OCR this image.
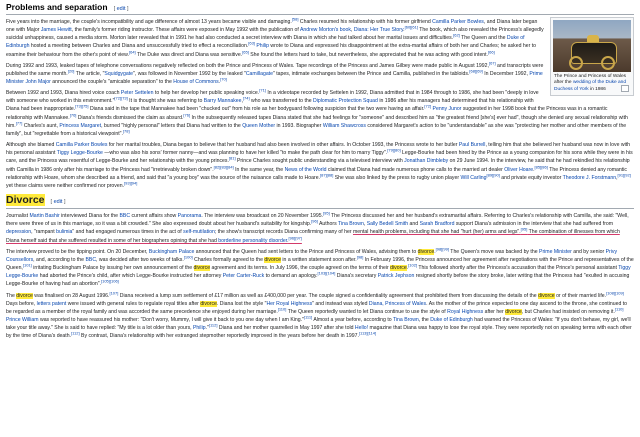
Problems and separation [ edit ]
The Prince and Princess of Wales after the wedding of the Duke and Duchess of York in 1986

Five years into the marriage, the couple's incompatibility and age difference of almost 13 years became visible and damaging.[58] Charles resumed his relationship with his former girlfriend Camilla Parker Bowles, and Diana later began one with Major James Hewitt, the family's former riding instructor. These affairs were exposed in May 1992 with the publication of Andrew Morton's book, Diana: Her True Story.[60][61] The book, which also revealed the Princess's allegedly suicidal unhappiness, caused a media storm. Morton later revealed that in 1991 he had also conducted a secret interview with Diana in which she had talked about her marital issues and difficulties.[62] The Queen and the Duke of Edinburgh hosted a meeting between Charles and Diana and unsuccessfully tried to effect a reconciliation.[63] Philip wrote to Diana and expressed his disappointment at the extra-marital affairs of both her and Charles; he asked her to examine their behaviour from the other's point of view.[64] The Duke was direct and Diana was sensitive.[65] She found the letters hard to take, but nevertheless, she appreciated that he was acting with good intent.[66]

During 1992 and 1993, leaked tapes of telephone conversations negatively reflected on both the Prince and Princess of Wales. Tape recordings of the Princess and James Gilbey were made public in August 1992,[67] and transcripts were published the same month.[20] The article, "Squidgygate", was followed in November 1992 by the leaked "Camillagate" tapes, intimate exchanges between the Prince and Camilla, published in the tabloids.[68][69] In December 1992, Prime Minister John Major announced the couple's "amicable separation" to the House of Commons.[70]

Between 1992 and 1993, Diana hired voice coach Peter Settelen to help her develop her public speaking voice.[71] In a videotape recorded by Settelen in 1992, Diana admitted that in 1984 through to 1986, she had been "deeply in love with someone who worked in this environment."[72][73] It is thought she was referring to Barry Mannakee,[74] who was transferred to the Diplomatic Protection Squad in 1986 after his managers had determined that his relationship with Diana had been inappropriate.[73][75] Diana said in the tape that Mannakee had been "chucked out" from his role as her bodyguard following suspicion that the two were having an affair.[72] Penny Junor suggested in her 1998 book that the Princess was in a romantic relationship with Mannakee.[76] Diana's friends dismissed the claim as absurd.[76] In the subsequently released tapes Diana stated that she had feelings for "someone" and described him as "the greatest friend [she's] ever had", though she denied any sexual relationship with him.[77] Charles's aunt, Princess Margaret, burned "highly personal" letters that Diana had written to the Queen Mother in 1993. Biographer William Shawcross considered Margaret's action to be "understandable" as she was "protecting her mother and other members of the family", but "regrettable from a historical viewpoint".[78]

Although she blamed Camilla Parker Bowles for her marital troubles, Diana began to believe that her husband had also been involved in other affairs. In October 1993, the Princess wrote to her butler Paul Burrell, telling him that she believed her husband was now in love with his personal assistant Tiggy Legge-Bourke —who was also his sons' former nanny—and was planning to have her killed "to make the path clear for him to marry Tiggy".[79][80] Legge-Bourke had been hired by the Prince as a young companion for his sons while they were in his care, and the Princess was resentful of Legge-Bourke and her relationship with the young princes.[81] Prince Charles sought public understanding via a televised interview with Jonathan Dimbleby on 29 June 1994. In the interview, he said that he had rekindled his relationship with Camilla in 1986 only after his marriage to the Princess had "irretrievably broken down".[82][83][84] In the same year, the News of the World claimed that Diana had made numerous phone calls to the married art dealer Oliver Hoare.[85][86] The Princess denied any romantic relationship with Hoare, whom she described as a friend, and said that "a young boy" was the source of the nuisance calls made to Hoare.[87][88] She was also linked by the press to rugby union player Will Carling[89][90] and private equity investor Theodore J. Forstmann,[91][92] yet these claims were neither confirmed nor proven.[93][94]

Divorce [ edit ]

Journalist Martin Bashir interviewed Diana for the BBC current affairs show Panorama. The interview was broadcast on 20 November 1995.[95] The Princess discussed her and her husband's extramarital affairs. Referring to Charles's relationship with Camilla, she said: "Well, there were three of us in this marriage, so it was a bit crowded." She also expressed doubt about her husband's suitability for kingship.[96] Authors Tina Brown, Sally Bedell Smith and Sarah Bradford support Diana's admission in the interview that she had suffered from depression, "rampant bulimia" and had engaged numerous times in the act of self-mutilation; the show's transcript records Diana confirming many of her mental health problems, including that she had "hurt (her) arms and legs".[95] The combination of illnesses from which Diana herself said that she suffered resulted in some of her biographers opining that she had borderline personality disorder.[96][97]

The interview proved to be the tipping point. On 20 December, Buckingham Palace announced that the Queen had sent letters to the Prince and Princess of Wales, advising them to divorce.[98][99] The Queen's move was backed by the Prime Minister and by senior Privy Counsellors, and, according to the BBC, was decided after two weeks of talks.[100] Charles formally agreed to the divorce in a written statement soon after.[98] In February 1996, the Princess announced her agreement after negotiations with the Prince and representatives of the Queen,[101] irritating Buckingham Palace by issuing her own announcement of the divorce agreement and its terms. In July 1996, the couple agreed on the terms of their divorce.[102] This followed shortly after the Princess's accusation that the Prince's personal assistant Tiggy Legge-Bourke had aborted the Prince's child, after which Legge-Bourke instructed her attorney Peter Carter-Ruck to demand an apology.[103][104] Diana's secretary Patrick Jephson resigned shortly before the story broke, later writing that the Princess had "exulted in accusing Legge-Bourke of having had an abortion".[105][106]

The divorce was finalised on 28 August 1996.[107] Diana received a lump sum settlement of £17 million as well as £400,000 per year. The couple signed a confidentiality agreement that prohibited them from discussing the details of the divorce or of their married life.[108][109] Days before, letters patent were issued with general rules to regulate royal titles after divorce. Diana lost the style "Her Royal Highness" and instead was styled Diana, Princess of Wales. As the mother of the prince expected to one day ascend to the throne, she continued to be regarded as a member of the royal family and was accorded the same precedence she enjoyed during her marriage.[110] The Queen reportedly wanted to let Diana continue to use the style of Royal Highness after her divorce, but Charles had insisted on removing it.[110] Prince William was reported to have reassured his mother: "Don't worry, Mummy, I will give it back to you one day when I am King."[111] Almost a year before, according to Tina Brown, the Duke of Edinburgh had warned the Princess of Wales: "If you don't behave, my girl, we'll take your title away." She is said to have replied: "My title is a lot older than yours, Philip."[112] Diana and her mother quarrelled in May 1997 after she told Hello! magazine that Diana was happy to lose the royal style. They were reportedly not on speaking terms with each other by the time of Diana's death.[112] By contrast, Diana's relationship with her estranged stepmother reportedly improved in the years before her death in 1997.[113][114]
